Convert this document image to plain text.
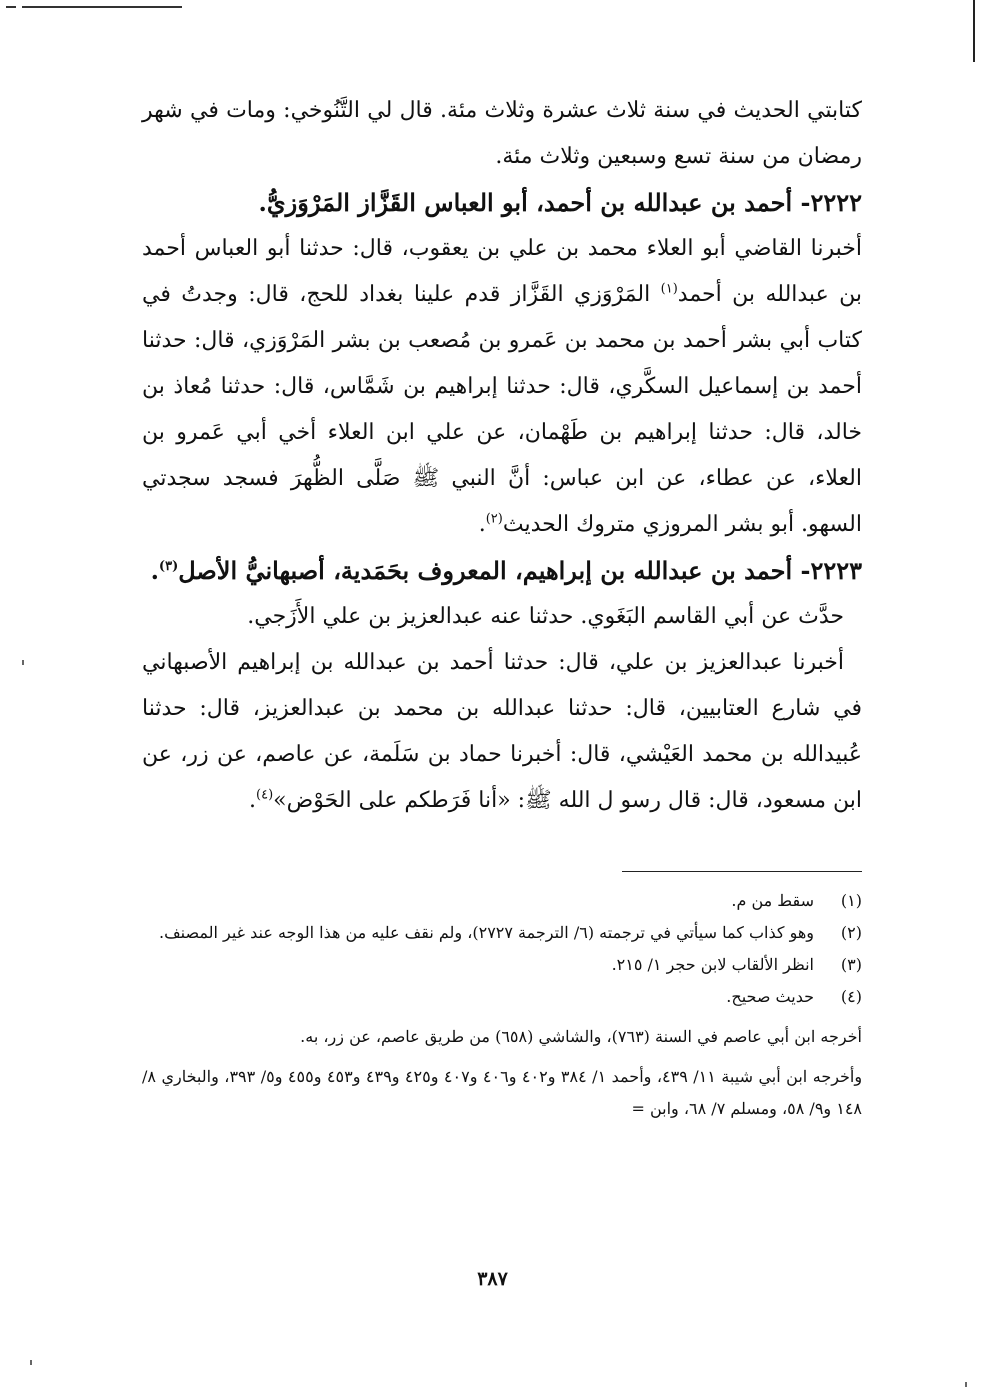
كتابتي الحديث في سنة ثلاث عشرة وثلاث مئة. قال لي التَّنُوخي: ومات في شهر رمضان من سنة تسع وسبعين وثلاث مئة.

٢٢٢٢- أحمد بن عبدالله بن أحمد، أبو العباس القَزَّاز المَرْوَزيُّ.

أخبرنا القاضي أبو العلاء محمد بن علي بن يعقوب، قال: حدثنا أبو العباس أحمد بن عبدالله بن أحمد$^{(١)}$ المَرْوَزي القَزَّاز قدم علينا بغداد للحج، قال: وجدتُ في كتاب أبي بشر أحمد بن محمد بن عَمرو بن مُصعب بن بشر المَرْوَزي، قال: حدثنا أحمد بن إسماعيل السكَّري، قال: حدثنا إبراهيم بن شَمَّاس، قال: حدثنا مُعاذ بن خالد، قال: حدثنا إبراهيم بن طَهْمان، عن علي ابن العلاء أخي أبي عَمرو بن العلاء، عن عطاء، عن ابن عباس: أنَّ النبي ﷺ صَلَّى الظُّهرَ فسجد سجدتي السهو. أبو بشر المروزي متروك الحديث$^{(٢)}$.

٢٢٢٣- أحمد بن عبدالله بن إبراهيم، المعروف بحَمَدية، أصبهانيُّ الأصل$^{(٣)}$.

حدَّث عن أبي القاسم البَغَوي. حدثنا عنه عبدالعزيز بن علي الأَزَجي.

أخبرنا عبدالعزيز بن علي، قال: حدثنا أحمد بن عبدالله بن إبراهيم الأصبهاني في شارع العتابيين، قال: حدثنا عبدالله بن محمد بن عبدالعزيز، قال: حدثنا عُبيدالله بن محمد العَيْشي، قال: أخبرنا حماد بن سَلَمة، عن عاصم، عن زر، عن ابن مسعود، قال: قال رسو ل الله ﷺ: «أنا فَرَطكم على الحَوْض»$^{(٤)}$.

(١)
سقط من م.
(٢)
وهو كذاب كما سيأتي في ترجمته (٦/ الترجمة ٢٧٢٧)، ولم نقف عليه من هذا الوجه عند غير المصنف.
(٣)
انظر الألقاب لابن حجر ١/ ٢١٥.
(٤)
حديث صحيح.
أخرجه ابن أبي عاصم في السنة (٧٦٣)، والشاشي (٦٥٨) من طريق عاصم، عن زر، به.
وأخرجه ابن أبي شيبة ١١/ ٤٣٩، وأحمد ١/ ٣٨٤ و٤٠٢ و٤٠٦ و٤٠٧ و٤٢٥ و٤٣٩ و٤٥٣ و٤٥٥ و٥/ ٣٩٣، والبخاري ٨/ ١٤٨ و٩/ ٥٨، ومسلم ٧/ ٦٨، وابن =
٣٨٧
